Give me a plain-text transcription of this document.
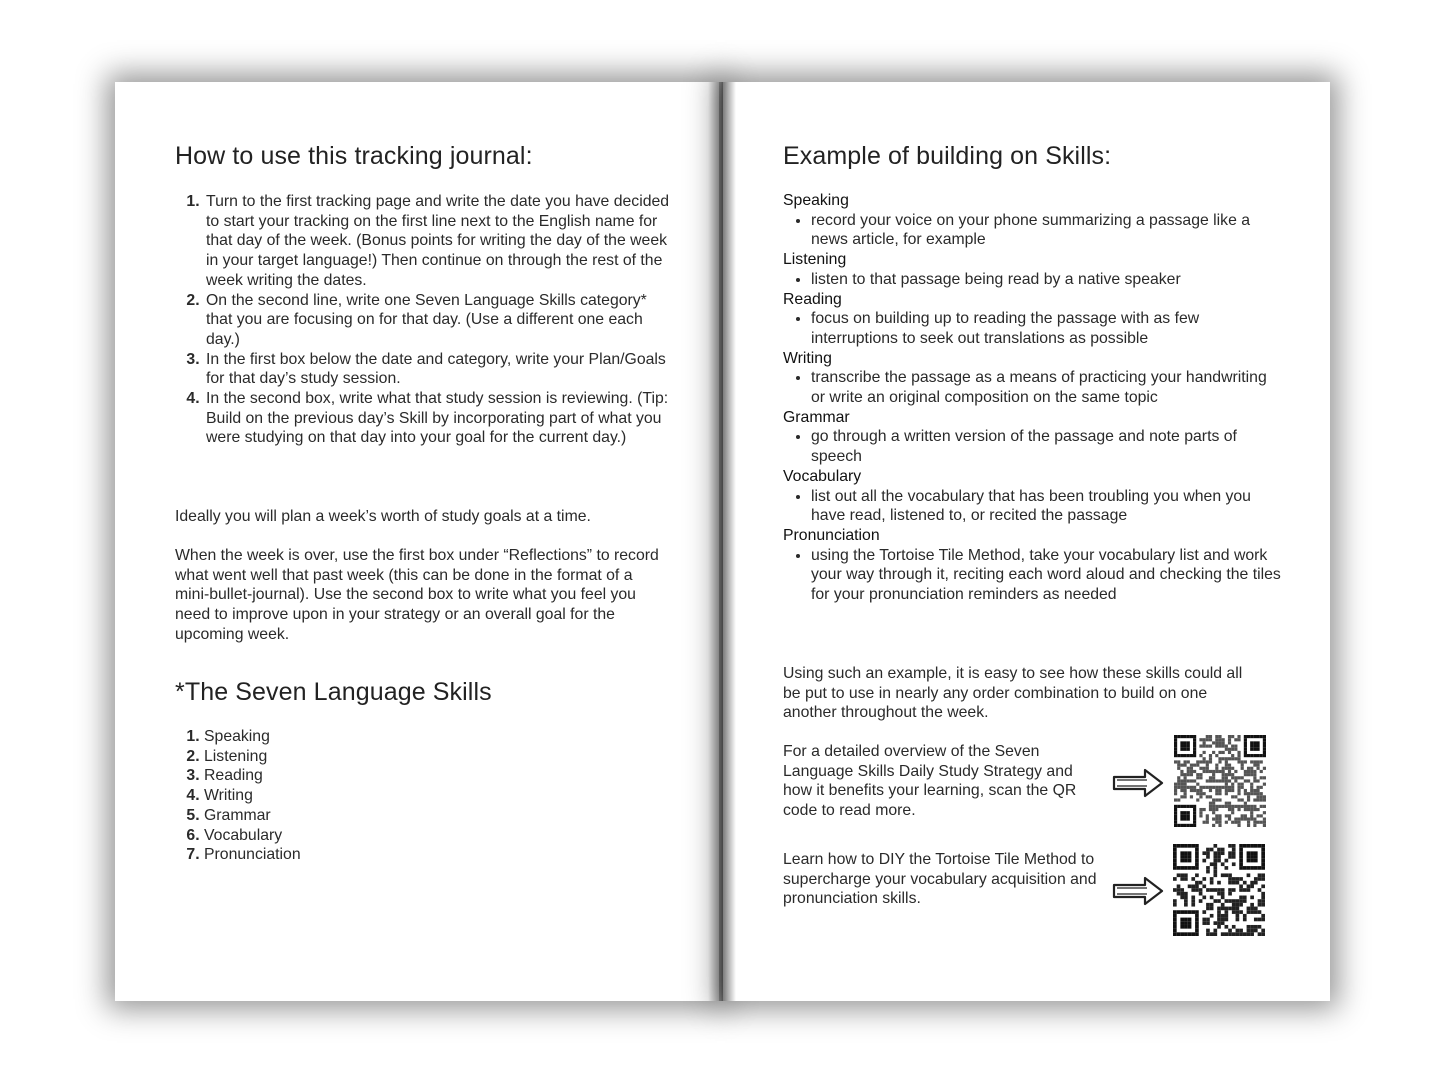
How to use this tracking journal:
1. Turn to the first tracking page and write the date you have decided to start your tracking on the first line next to the English name for that day of the week. (Bonus points for writing the day of the week in your target language!) Then continue on through the rest of the week writing the dates.
2. On the second line, write one Seven Language Skills category* that you are focusing on for that day. (Use a different one each day.)
3. In the first box below the date and category, write your Plan/Goals for that day’s study session.
4. In the second box, write what that study session is reviewing. (Tip: Build on the previous day’s Skill by incorporating part of what you were studying on that day into your goal for the current day.)

Ideally you will plan a week’s worth of study goals at a time.

When the week is over, use the first box under “Reflections” to record what went well that past week (this can be done in the format of a mini-bullet-journal). Use the second box to write what you feel you need to improve upon in your strategy or an overall goal for the upcoming week.

*The Seven Language Skills
1. Speaking
2. Listening
3. Reading
4. Writing
5. Grammar
6. Vocabulary
7. Pronunciation
Example of building on Skills:
Speaking
• record your voice on your phone summarizing a passage like a news article, for example
Listening
• listen to that passage being read by a native speaker
Reading
• focus on building up to reading the passage with as few interruptions to seek out translations as possible
Writing
• transcribe the passage as a means of practicing your handwriting or write an original composition on the same topic
Grammar
• go through a written version of the passage and note parts of speech
Vocabulary
• list out all the vocabulary that has been troubling you when you have read, listened to, or recited the passage
Pronunciation
• using the Tortoise Tile Method, take your vocabulary list and work your way through it, reciting each word aloud and checking the tiles for your pronunciation reminders as needed

Using such an example, it is easy to see how these skills could all be put to use in nearly any order combination to build on one another throughout the week.

For a detailed overview of the Seven Language Skills Daily Study Strategy and how it benefits your learning, scan the QR code to read more.

Learn how to DIY the Tortoise Tile Method to supercharge your vocabulary acquisition and pronunciation skills.
